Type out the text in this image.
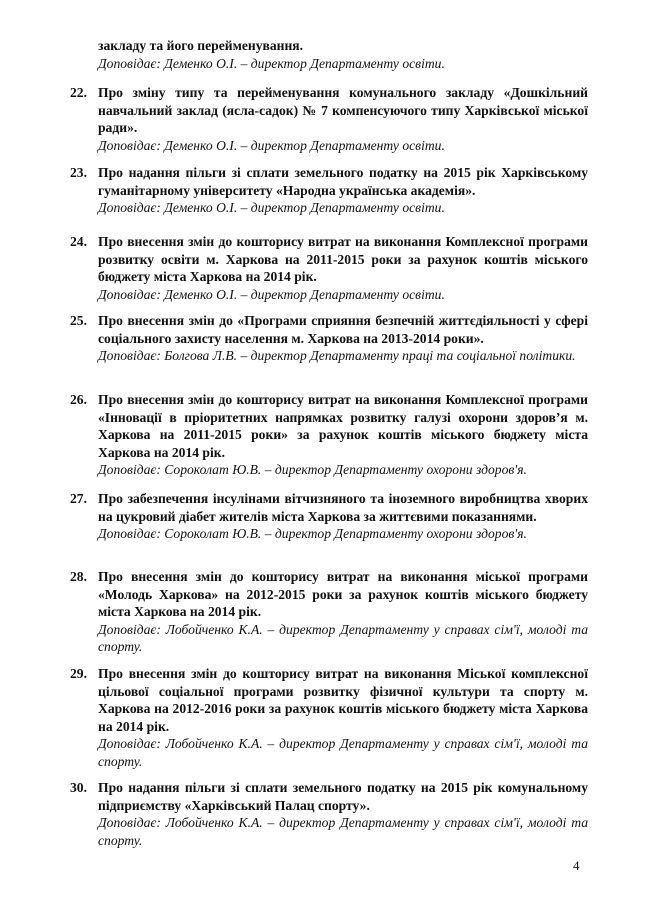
закладу та його перейменування.
Доповідає: Деменко О.І. – директор Департаменту освіти.
22. Про зміну типу та перейменування комунального закладу «Дошкільний навчальний заклад (ясла-садок) № 7 компенсуючого типу Харківської міської ради».
Доповідає: Деменко О.І. – директор Департаменту освіти.
23. Про надання пільги зі сплати земельного податку на 2015 рік Харківському гуманітарному університету «Народна українська академія».
Доповідає: Деменко О.І. – директор Департаменту освіти.
24. Про внесення змін до кошторису витрат на виконання Комплексної програми розвитку освіти м. Харкова на 2011-2015 роки за рахунок коштів міського бюджету міста Харкова на 2014 рік.
Доповідає: Деменко О.І. – директор Департаменту освіти.
25. Про внесення змін до «Програми сприяння безпечній життєдіяльності у сфері соціального захисту населення м. Харкова на 2013-2014 роки».
Доповідає: Болгова Л.В. – директор Департаменту праці та соціальної політики.
26. Про внесення змін до кошторису витрат на виконання Комплексної програми «Інновації в пріоритетних напрямках розвитку галузі охорони здоров’я м. Харкова на 2011-2015 роки» за рахунок коштів міського бюджету міста Харкова на 2014 рік.
Доповідає: Сороколат Ю.В. – директор Департаменту охорони здоров'я.
27. Про забезпечення інсулінами вітчизняного та іноземного виробництва хворих на цукровий діабет жителів міста Харкова за життєвими показаннями.
Доповідає: Сороколат Ю.В. – директор Департаменту охорони здоров'я.
28. Про внесення змін до кошторису витрат на виконання міської програми «Молодь Харкова» на 2012-2015 роки за рахунок коштів міського бюджету міста Харкова на 2014 рік.
Доповідає: Лобойченко К.А. – директор Департаменту у справах сім'ї, молоді та спорту.
29. Про внесення змін до кошторису витрат на виконання Міської комплексної цільової соціальної програми розвитку фізичної культури та спорту м. Харкова на 2012-2016 роки за рахунок коштів міського бюджету міста Харкова на 2014 рік.
Доповідає: Лобойченко К.А. – директор Департаменту у справах сім'ї, молоді та спорту.
30. Про надання пільги зі сплати земельного податку на 2015 рік комунальному підприємству «Харківський Палац спорту».
Доповідає: Лобойченко К.А. – директор Департаменту у справах сім'ї, молоді та спорту.
4
